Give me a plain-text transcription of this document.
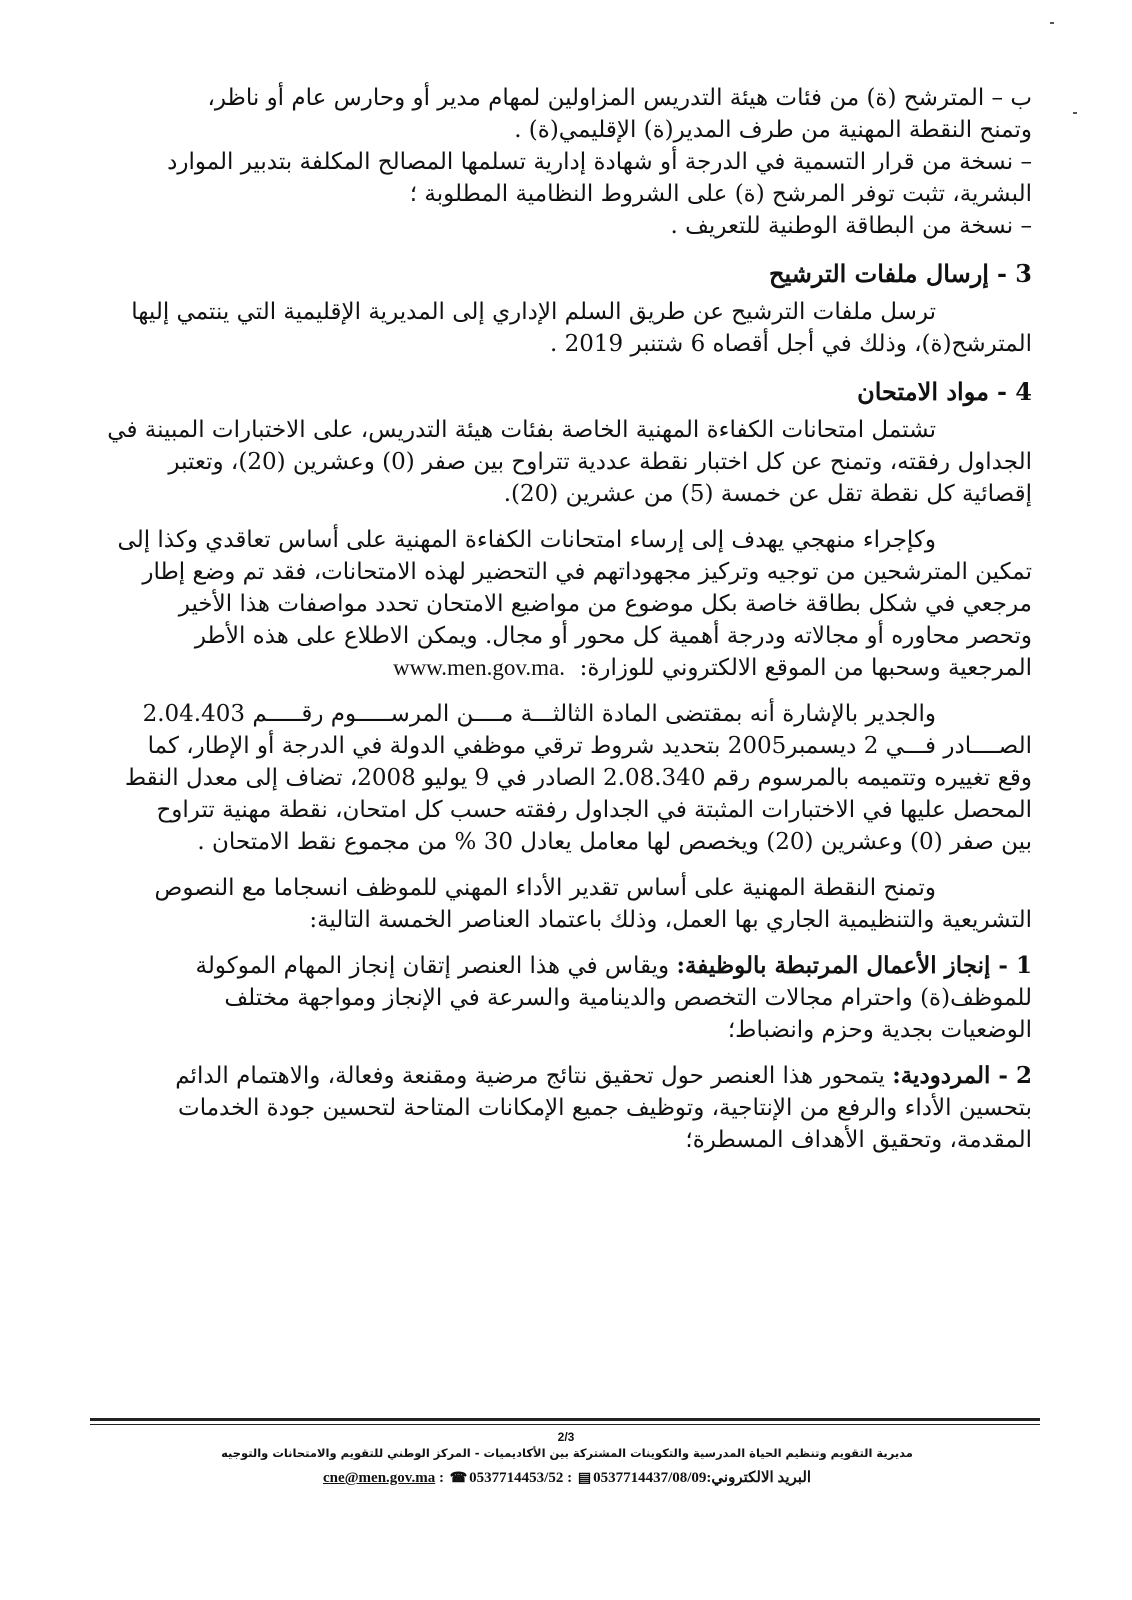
ب – المترشح (ة) من فئات هيئة التدريس المزاولين لمهام مدير أو وحارس عام أو ناظر،

وتمنح النقطة المهنية من طرف المدير(ة) الإقليمي(ة) .

– نسخة من قرار التسمية في الدرجة أو شهادة إدارية تسلمها المصالح المكلفة بتدبير الموارد

البشرية، تثبت توفر المرشح (ة) على الشروط النظامية المطلوبة ؛

– نسخة من البطاقة الوطنية للتعريف .

3 -إرسال ملفات الترشيح

ترسل ملفات الترشيح عن طريق السلم الإداري إلى المديرية الإقليمية التي ينتمي إليها

المترشح(ة)، وذلك في أجل أقصاه 6 شتنبر 2019 .

4 -مواد الامتحان

تشتمل امتحانات الكفاءة المهنية الخاصة بفئات هيئة التدريس، على الاختبارات المبينة في

الجداول رفقته، وتمنح عن كل اختبار نقطة عددية تتراوح بين صفر (0) وعشرين (20)، وتعتبر

إقصائية كل نقطة تقل عن خمسة (5) من عشرين (20).

وكإجراء منهجي يهدف إلى إرساء امتحانات الكفاءة المهنية على أساس تعاقدي وكذا إلى

تمكين المترشحين من توجيه وتركيز مجهوداتهم في التحضير لهذه الامتحانات، فقد تم وضع إطار

مرجعي في شكل بطاقة خاصة بكل موضوع من مواضيع الامتحان تحدد مواصفات هذا الأخير

وتحصر محاوره أو مجالاته ودرجة أهمية كل محور أو مجال. ويمكن الاطلاع على هذه الأطر

المرجعية وسحبها من الموقع الالكتروني للوزارة:  www.men.gov.ma.

والجدير بالإشارة أنه بمقتضى المادة الثالثـــة مــــن المرســـــوم رقـــــم 2.04.403

الصــــادر فـــي 2 ديسمبر2005 بتحديد شروط ترقي موظفي الدولة في الدرجة أو الإطار، كما

وقع تغييره وتتميمه بالمرسوم رقم 2.08.340 الصادر في 9 يوليو 2008، تضاف إلى معدل النقط

المحصل عليها في الاختبارات المثبتة في الجداول رفقته حسب كل امتحان، نقطة مهنية تتراوح

بين صفر (0) وعشرين (20) ويخصص لها معامل يعادل 30 % من مجموع نقط الامتحان .

وتمنح النقطة المهنية على أساس تقدير الأداء المهني للموظف انسجاما مع النصوص

التشريعية والتنظيمية الجاري بها العمل، وذلك باعتماد العناصر الخمسة التالية:

1 - إنجاز الأعمال المرتبطة بالوظيفة: ويقاس في هذا العنصر إتقان إنجاز المهام الموكولة

للموظف(ة) واحترام مجالات التخصص والدينامية والسرعة في الإنجاز ومواجهة مختلف

الوضعيات بجدية وحزم وانضباط؛

2 - المردودية: يتمحور هذا العنصر حول تحقيق نتائج مرضية ومقنعة وفعالة، والاهتمام الدائم

بتحسين الأداء والرفع من الإنتاجية، وتوظيف جميع الإمكانات المتاحة لتحسين جودة الخدمات

المقدمة، وتحقيق الأهداف المسطرة؛

2/3
مديرية التقويم وتنظيم الحياة المدرسية والتكوينات المشتركة بين الأكاديميات - المركز الوطني للتقويم والامتحانات والتوجيه
البريد الالكتروني:cne@men.gov.ma : ☎ 0537714453/52 : ▤ 0537714437/08/09
